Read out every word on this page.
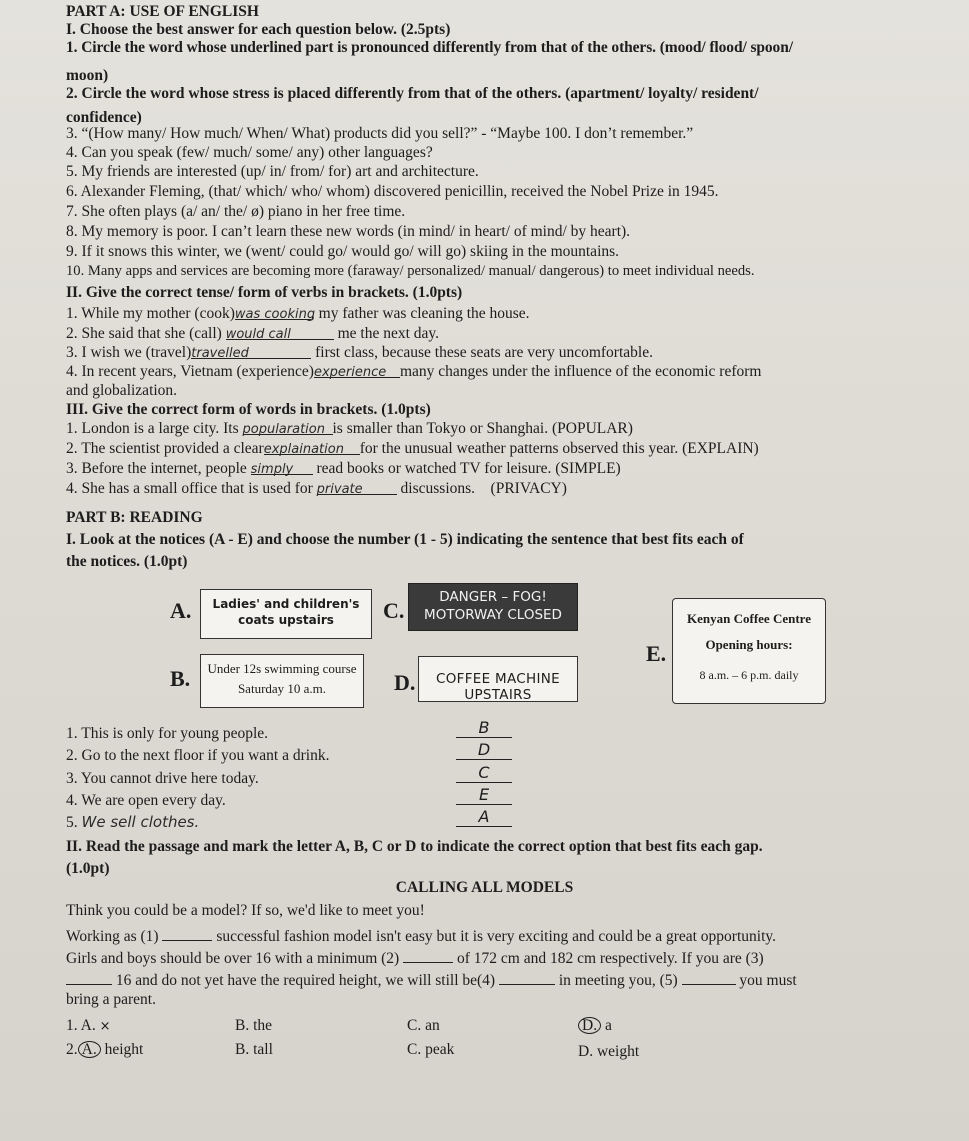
PART A: USE OF ENGLISH
I. Choose the best answer for each question below. (2.5pts)
1. Circle the word whose underlined part is pronounced differently from that of the others. (mood/ flood/ spoon/
moon)
2. Circle the word whose stress is placed differently from that of the others. (apartment/ loyalty/ resident/
confidence)
3. “(How many/ How much/ When/ What) products did you sell?” - “Maybe 100. I don’t remember.”
4. Can you speak (few/ much/ some/ any) other languages?
5. My friends are interested (up/ in/ from/ for) art and architecture.
6. Alexander Fleming, (that/ which/ who/ whom) discovered penicillin, received the Nobel Prize in 1945.
7. She often plays (a/ an/ the/ ø) piano in her free time.
8. My memory is poor. I can’t learn these new words (in mind/ in heart/ of mind/ by heart).
9. If it snows this winter, we (went/ could go/ would go/ will go) skiing in the mountains.
10. Many apps and services are becoming more (faraway/ personalized/ manual/ dangerous) to meet individual needs.
II. Give the correct tense/ form of verbs in brackets. (1.0pts)
1. While my mother (cook)was cooking, my father was cleaning the house.
2. She said that she (call) would call	me the next day.
3. I wish we (travel)travelled	first class, because these seats are very uncomfortable.
4. In recent years, Vietnam (experience)experience many changes under the influence of the economic reform
and globalization.
III. Give the correct form of words in brackets. (1.0pts)
1. London is a large city. Its popularation is smaller than Tokyo or Shanghai. (POPULAR)
2. The scientist provided a clearexplaination for the unusual weather patterns observed this year. (EXPLAIN)
3. Before the internet, people simply read books or watched TV for leisure. (SIMPLE)
4. She has a small office that is used for private discussions. (PRIVACY)
PART B: READING
I. Look at the notices (A - E) and choose the number (1 - 5) indicating the sentence that best fits each of
the notices. (1.0pt)
A.	Ladies' and children's
coats upstairs
B.	Under 12s swimming course
Saturday 10 a.m.
C.
DANGER – FOG!
MOTORWAY CLOSED
D.	COFFEE MACHINE UPSTAIRS
E.
Kenyan Coffee Centre
Opening hours:
8 a.m. – 6 p.m. daily
1. This is only for young people.	B
2. Go to the next floor if you want a drink.	D
3. You cannot drive here today.	C
4. We are open every day.	E
5. We sell clothes.	A
II. Read the passage and mark the letter A, B, C or D to indicate the correct option that best fits each gap.
(1.0pt)
CALLING ALL MODELS
Think you could be a model? If so, we'd like to meet you!
Working as (1)	successful fashion model isn't easy but it is very exciting and could be a great opportunity.
Girls and boys should be over 16 with a minimum (2)	of 172 cm and 182 cm respectively. If you are (3)
16 and do not yet have the required height, we will still be(4)	in meeting you, (5)	you must
bring a parent.
1. A. ×	B. the	C. an	D. a
2. A. height	B. tall	C. peak	D. weight
